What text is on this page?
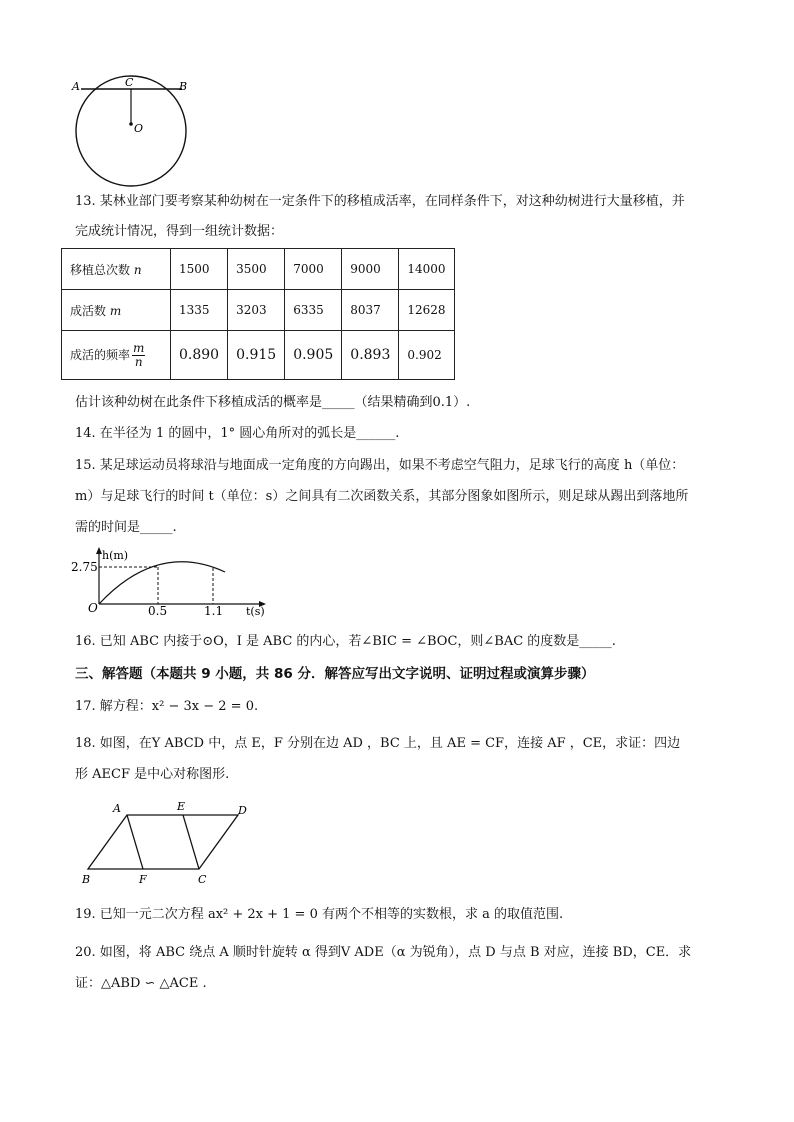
A	C	B
O
13. 某林业部门要考察某种幼树在一定条件下的移植成活率，在同样条件下，对这种幼树进行大量移植，并
完成统计情况，得到一组统计数据：
移植总次数 n	1500	3500	7000	9000	14000
成活数 m	1335	3203	6335	8037	12628
成活的频率 $\frac{m}{n}$	0.890	0.915	0.905	0.893	0.902
估计该种幼树在此条件下移植成活的概率是_____（结果精确到0.1）.
14. 在半径为 1 的圆中，1° 圆心角所对的弧长是______.
15. 某足球运动员将球沿与地面成一定角度的方向踢出，如果不考虑空气阻力，足球飞行的高度 h（单位：
m）与足球飞行的时间 t（单位：s）之间具有二次函数关系，其部分图象如图所示，则足球从踢出到落地所
需的时间是_____.
h(m)
2.75
O	0.5	1.1 t(s)
16. 已知 ABC 内接于⊙O，I 是 ABC 的内心，若∠BIC = ∠BOC，则∠BAC 的度数是_____.
三、解答题（本题共 9 小题，共 86 分．解答应写出文字说明、证明过程或演算步骤）
17. 解方程：x² − 3x − 2 = 0.
18. 如图，在Y ABCD 中，点 E，F 分别在边 AD ，BC 上，且 AE = CF，连接 AF ，CE，求证：四边
形 AECF 是中心对称图形.
A	E	D
B	F	C
19. 已知一元二次方程 ax² + 2x + 1 = 0 有两个不相等的实数根，求 a 的取值范围.
20. 如图，将 ABC 绕点 A 顺时针旋转 α 得到V ADE（α 为锐角），点 D 与点 B 对应，连接 BD，CE．求
证：△ABD ∽ △ACE .
